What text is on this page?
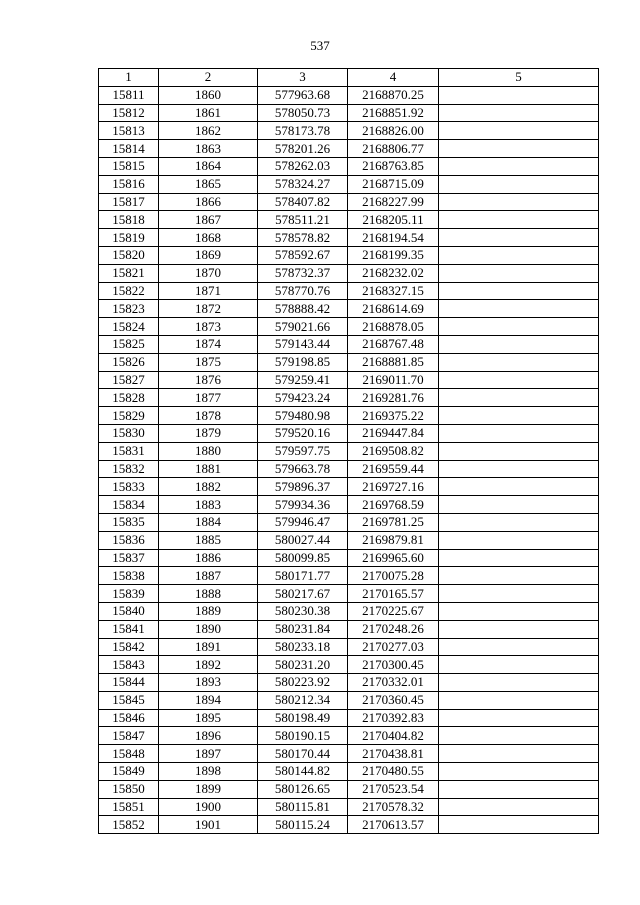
537
1	2	3	4	5
15811	1860	577963.68	2168870.25	
15812	1861	578050.73	2168851.92	
15813	1862	578173.78	2168826.00	
15814	1863	578201.26	2168806.77	
15815	1864	578262.03	2168763.85	
15816	1865	578324.27	2168715.09	
15817	1866	578407.82	2168227.99	
15818	1867	578511.21	2168205.11	
15819	1868	578578.82	2168194.54	
15820	1869	578592.67	2168199.35	
15821	1870	578732.37	2168232.02	
15822	1871	578770.76	2168327.15	
15823	1872	578888.42	2168614.69	
15824	1873	579021.66	2168878.05	
15825	1874	579143.44	2168767.48	
15826	1875	579198.85	2168881.85	
15827	1876	579259.41	2169011.70	
15828	1877	579423.24	2169281.76	
15829	1878	579480.98	2169375.22	
15830	1879	579520.16	2169447.84	
15831	1880	579597.75	2169508.82	
15832	1881	579663.78	2169559.44	
15833	1882	579896.37	2169727.16	
15834	1883	579934.36	2169768.59	
15835	1884	579946.47	2169781.25	
15836	1885	580027.44	2169879.81	
15837	1886	580099.85	2169965.60	
15838	1887	580171.77	2170075.28	
15839	1888	580217.67	2170165.57	
15840	1889	580230.38	2170225.67	
15841	1890	580231.84	2170248.26	
15842	1891	580233.18	2170277.03	
15843	1892	580231.20	2170300.45	
15844	1893	580223.92	2170332.01	
15845	1894	580212.34	2170360.45	
15846	1895	580198.49	2170392.83	
15847	1896	580190.15	2170404.82	
15848	1897	580170.44	2170438.81	
15849	1898	580144.82	2170480.55	
15850	1899	580126.65	2170523.54	
15851	1900	580115.81	2170578.32	
15852	1901	580115.24	2170613.57	
